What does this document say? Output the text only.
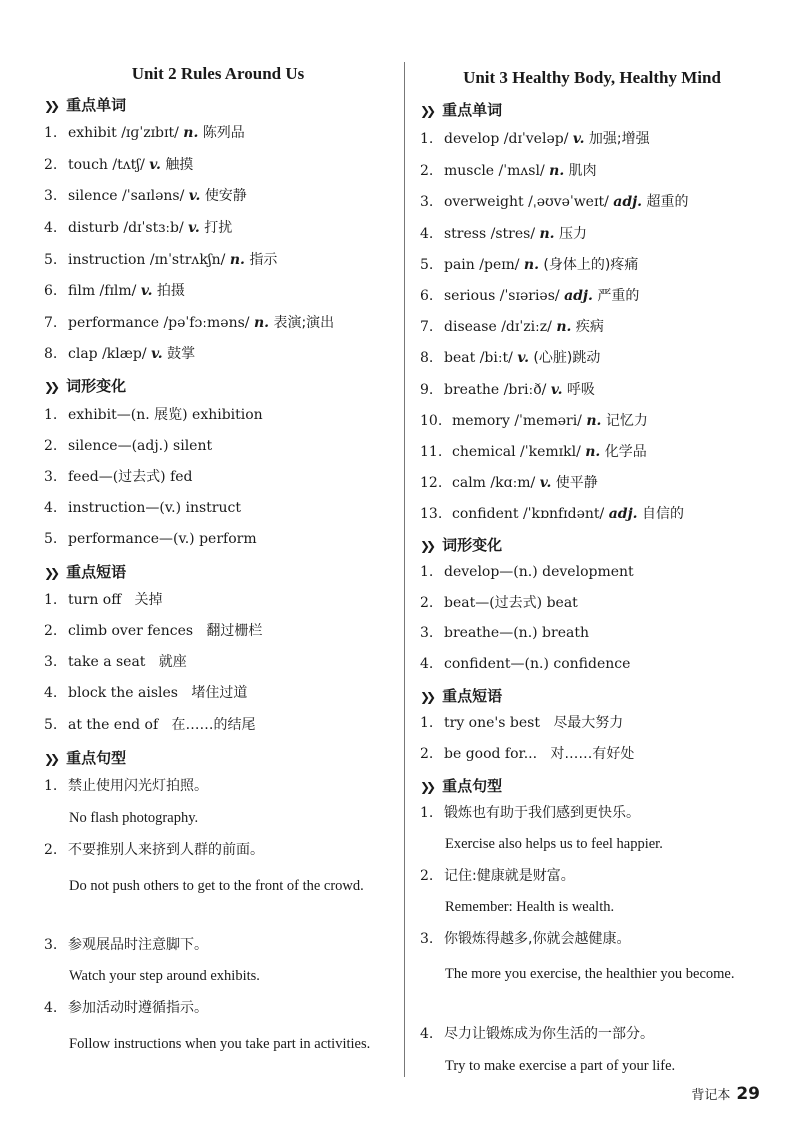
Unit 2 Rules Around Us
❯❯ 重点单词
1. exhibit /ɪɡˈzɪbɪt/ n. 陈列品
2. touch /tʌtʃ/ v. 触摸
3. silence /ˈsaɪləns/ v. 使安静
4. disturb /dɪˈstɜːb/ v. 打扰
5. instruction /ɪnˈstrʌkʃn/ n. 指示
6. film /fɪlm/ v. 拍摄
7. performance /pəˈfɔːməns/ n. 表演;演出
8. clap /klæp/ v. 鼓掌
❯❯ 词形变化
1. exhibit—(n. 展览) exhibition
2. silence—(adj.) silent
3. feed—(过去式) fed
4. instruction—(v.) instruct
5. performance—(v.) perform
❯❯ 重点短语
1. turn off 关掉
2. climb over fences 翻过栅栏
3. take a seat 就座
4. block the aisles 堵住过道
5. at the end of 在……的结尾
❯❯ 重点句型
1. 禁止使用闪光灯拍照。
No flash photography.
2. 不要推别人来挤到人群的前面。
Do not push others to get to the front of the crowd.
3. 参观展品时注意脚下。
Watch your step around exhibits.
4. 参加活动时遵循指示。
Follow instructions when you take part in activities.
Unit 3 Healthy Body, Healthy Mind
❯❯ 重点单词
1. develop /dɪˈveləp/ v. 加强;增强
2. muscle /ˈmʌsl/ n. 肌肉
3. overweight /ˌəʊvəˈweɪt/ adj. 超重的
4. stress /stres/ n. 压力
5. pain /peɪn/ n. (身体上的)疼痛
6. serious /ˈsɪəriəs/ adj. 严重的
7. disease /dɪˈziːz/ n. 疾病
8. beat /biːt/ v. (心脏)跳动
9. breathe /briːð/ v. 呼吸
10. memory /ˈmeməri/ n. 记忆力
11. chemical /ˈkemɪkl/ n. 化学品
12. calm /kɑːm/ v. 使平静
13. confident /ˈkɒnfɪdənt/ adj. 自信的
❯❯ 词形变化
1. develop—(n.) development
2. beat—(过去式) beat
3. breathe—(n.) breath
4. confident—(n.) confidence
❯❯ 重点短语
1. try one's best 尽最大努力
2. be good for... 对……有好处
❯❯ 重点句型
1. 锻炼也有助于我们感到更快乐。
Exercise also helps us to feel happier.
2. 记住:健康就是财富。
Remember: Health is wealth.
3. 你锻炼得越多,你就会越健康。
The more you exercise, the healthier you become.
4. 尽力让锻炼成为你生活的一部分。
Try to make exercise a part of your life.
背记本 29
